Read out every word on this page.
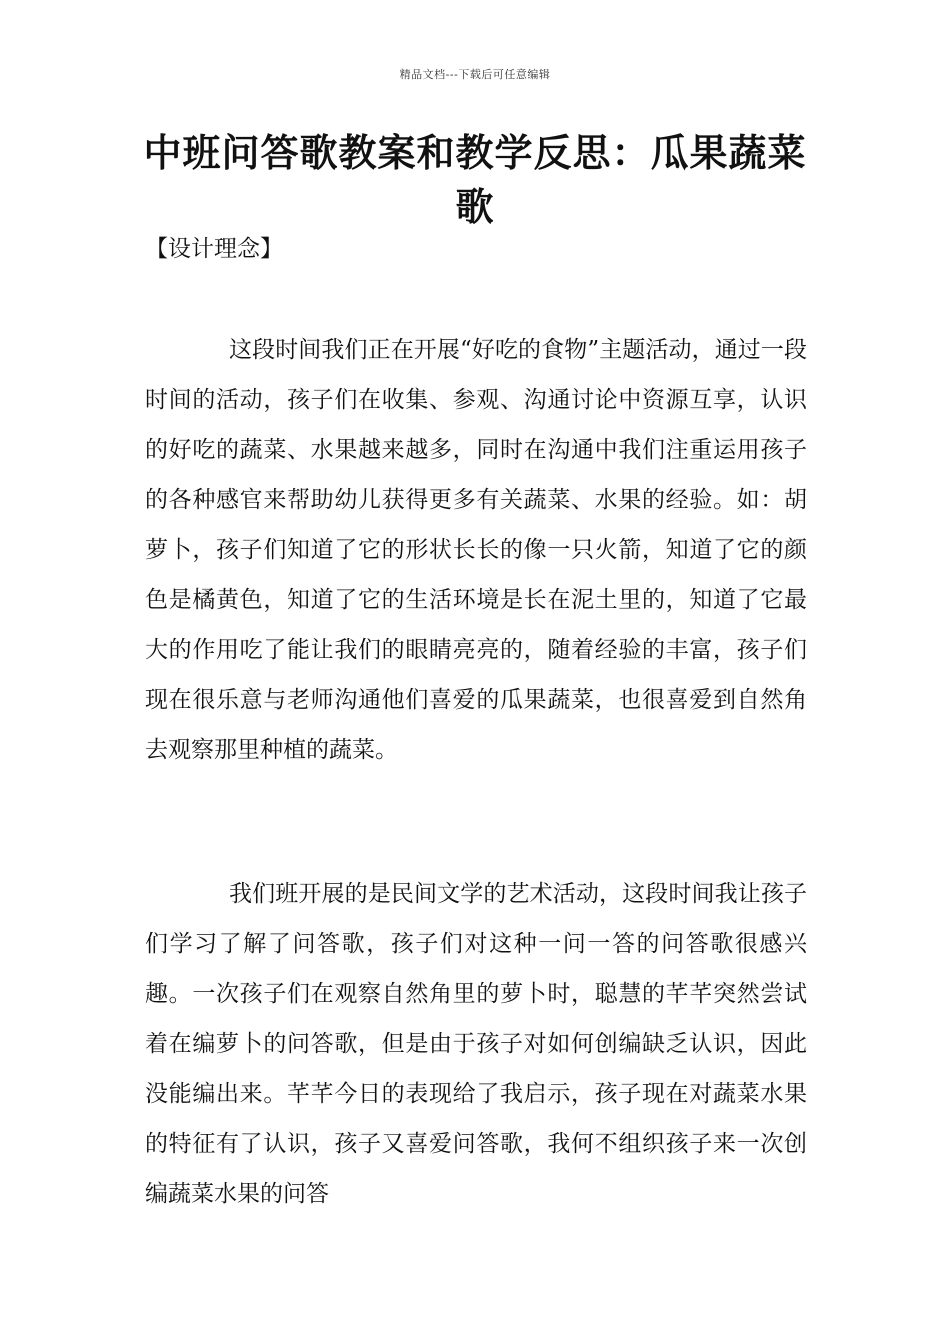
精品文档---下载后可任意编辑
中班问答歌教案和教学反思：瓜果蔬菜歌
【设计理念】

这段时间我们正在开展“好吃的食物”主题活动，通过一段时间的活动，孩子们在收集、参观、沟通讨论中资源互享，认识的好吃的蔬菜、水果越来越多，同时在沟通中我们注重运用孩子的各种感官来帮助幼儿获得更多有关蔬菜、水果的经验。如：胡萝卜，孩子们知道了它的形状长长的像一只火箭，知道了它的颜色是橘黄色，知道了它的生活环境是长在泥土里的，知道了它最大的作用吃了能让我们的眼睛亮亮的，随着经验的丰富，孩子们现在很乐意与老师沟通他们喜爱的瓜果蔬菜，也很喜爱到自然角去观察那里种植的蔬菜。

我们班开展的是民间文学的艺术活动，这段时间我让孩子们学习了解了问答歌，孩子们对这种一问一答的问答歌很感兴趣。一次孩子们在观察自然角里的萝卜时，聪慧的芊芊突然尝试着在编萝卜的问答歌，但是由于孩子对如何创编缺乏认识，因此没能编出来。芊芊今日的表现给了我启示，孩子现在对蔬菜水果的特征有了认识，孩子又喜爱问答歌，我何不组织孩子来一次创编蔬菜水果的问答
